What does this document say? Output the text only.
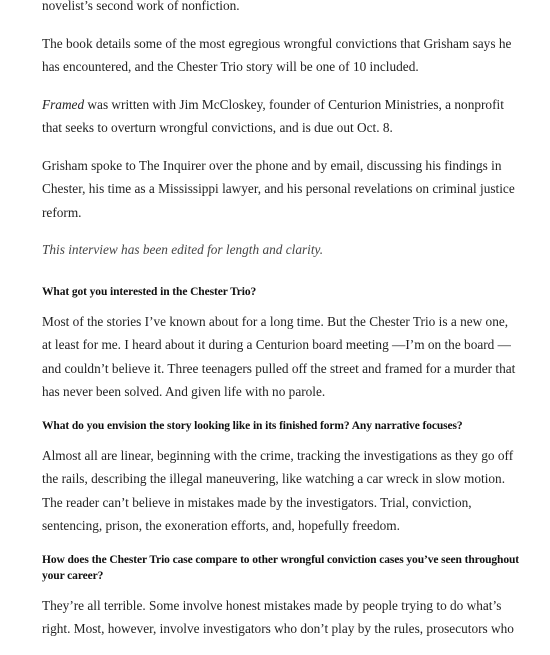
novelist’s second work of nonfiction.

The book details some of the most egregious wrongful convictions that Grisham says he has encountered, and the Chester Trio story will be one of 10 included.

Framed was written with Jim McCloskey, founder of Centurion Ministries, a nonprofit that seeks to overturn wrongful convictions, and is due out Oct. 8.

Grisham spoke to The Inquirer over the phone and by email, discussing his findings in Chester, his time as a Mississippi lawyer, and his personal revelations on criminal justice reform.

This interview has been edited for length and clarity.

What got you interested in the Chester Trio?

Most of the stories I’ve known about for a long time. But the Chester Trio is a new one, at least for me. I heard about it during a Centurion board meeting —I’m on the board — and couldn’t believe it. Three teenagers pulled off the street and framed for a murder that has never been solved. And given life with no parole.

What do you envision the story looking like in its finished form? Any narrative focuses?

Almost all are linear, beginning with the crime, tracking the investigations as they go off the rails, describing the illegal maneuvering, like watching a car wreck in slow motion. The reader can’t believe in mistakes made by the investigators. Trial, conviction, sentencing, prison, the exoneration efforts, and, hopefully freedom.

How does the Chester Trio case compare to other wrongful conviction cases you’ve seen throughout your career?

They’re all terrible. Some involve honest mistakes made by people trying to do what’s right. Most, however, involve investigators who don’t play by the rules, prosecutors who
